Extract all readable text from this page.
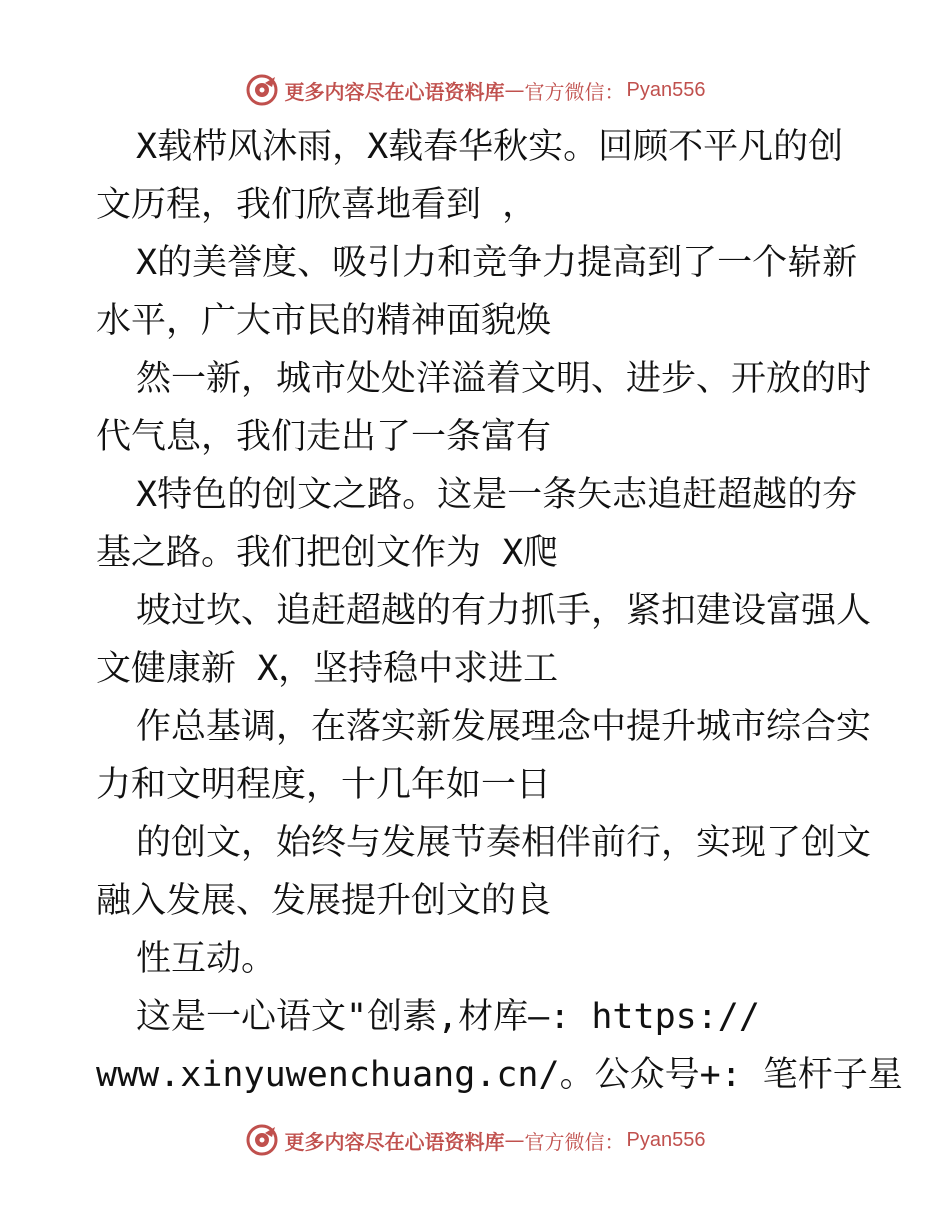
更多内容尽在心语资料库 — 官方微信： Pyan556
X载栉风沐雨，X载春华秋实。回顾不平凡的创
文历程，我们欣喜地看到 ，
X的美誉度、吸引力和竞争力提高到了一个崭新
水平，广大市民的精神面貌焕
然一新，城市处处洋溢着文明、进步、开放的时
代气息，我们走出了一条富有
X特色的创文之路。这是一条矢志追赶超越的夯
基之路。我们把创文作为 X爬
坡过坎、追赶超越的有力抓手，紧扣建设富强人
文健康新 X，坚持稳中求进工
作总基调，在落实新发展理念中提升城市综合实
力和文明程度，十几年如一日
的创文，始终与发展节奏相伴前行，实现了创文
融入发展、发展提升创文的良
性互动。
这是一心语文"创素,材库—: https://
www.xinyuwenchuang.cn/。公众号+: 笔杆子星
更多内容尽在心语资料库 — 官方微信： Pyan556
